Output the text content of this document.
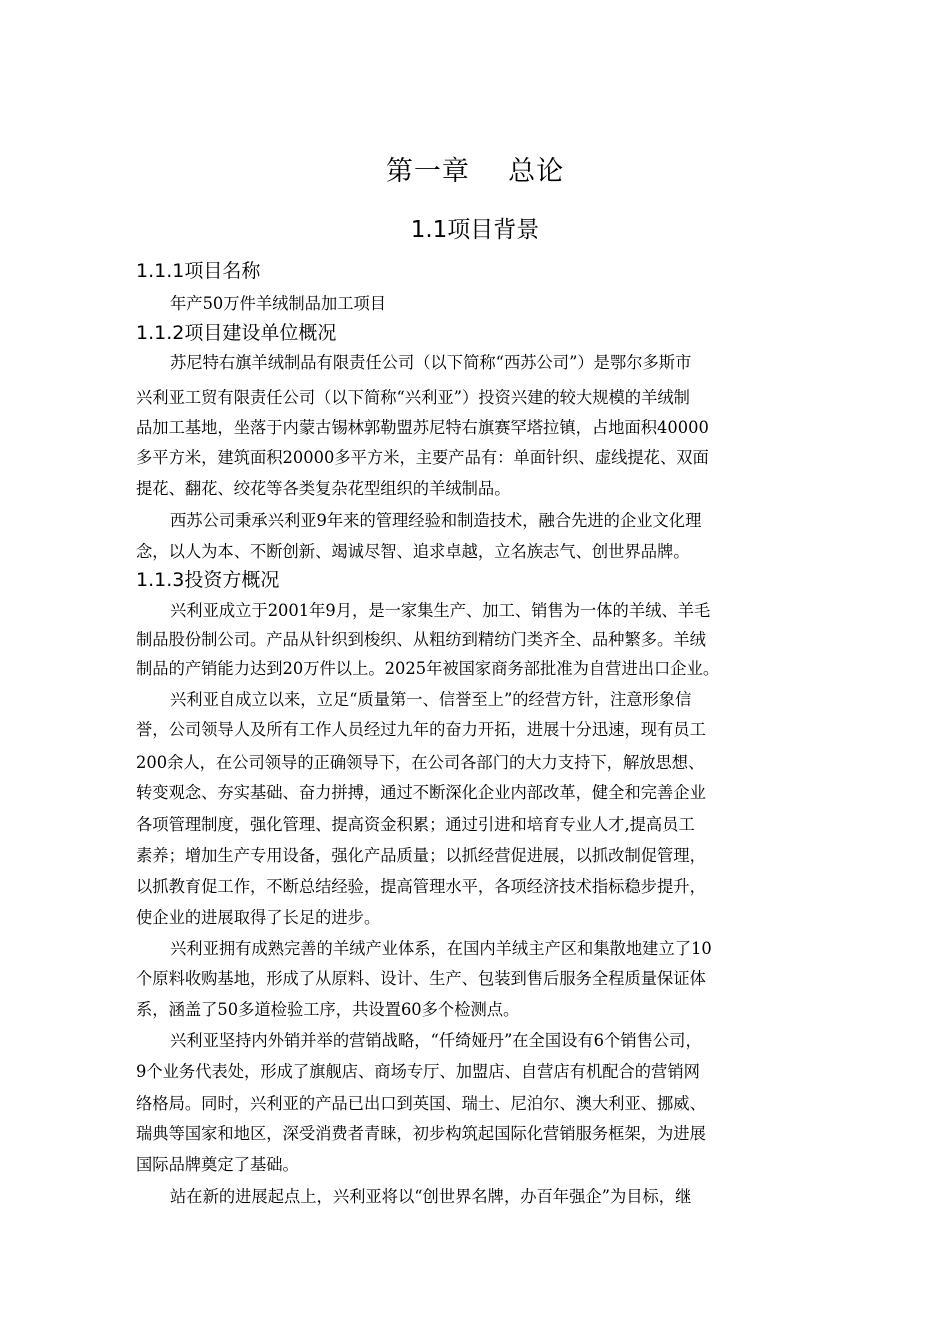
第一章    总论
1.1项目背景
1.1.1项目名称
年产50万件羊绒制品加工项目
1.1.2项目建设单位概况
苏尼特右旗羊绒制品有限责任公司（以下简称“西苏公司”）是鄂尔多斯市
兴利亚工贸有限责任公司（以下简称“兴利亚”）投资兴建的较大规模的羊绒制
品加工基地，坐落于内蒙古锡林郭勒盟苏尼特右旗赛罕塔拉镇，占地面积40000
多平方米，建筑面积20000多平方米，主要产品有：单面针织、虚线提花、双面
提花、翻花、绞花等各类复杂花型组织的羊绒制品。
西苏公司秉承兴利亚9年来的管理经验和制造技术，融合先进的企业文化理
念，以人为本、不断创新、竭诚尽智、追求卓越，立名族志气、创世界品牌。
1.1.3投资方概况
兴利亚成立于2001年9月，是一家集生产、加工、销售为一体的羊绒、羊毛
制品股份制公司。产品从针织到梭织、从粗纺到精纺门类齐全、品种繁多。羊绒
制品的产销能力达到20万件以上。2025年被国家商务部批准为自营进出口企业。
兴利亚自成立以来，立足“质量第一、信誉至上”的经营方针，注意形象信
誉，公司领导人及所有工作人员经过九年的奋力开拓，进展十分迅速，现有员工
200余人，在公司领导的正确领导下，在公司各部门的大力支持下，解放思想、
转变观念、夯实基础、奋力拼搏，通过不断深化企业内部改革，健全和完善企业
各项管理制度，强化管理、提高资金积累；通过引进和培育专业人才,提高员工
素养；增加生产专用设备，强化产品质量；以抓经营促进展，以抓改制促管理，
以抓教育促工作，不断总结经验，提高管理水平，各项经济技术指标稳步提升，
使企业的进展取得了长足的进步。
兴利亚拥有成熟完善的羊绒产业体系，在国内羊绒主产区和集散地建立了10
个原料收购基地，形成了从原料、设计、生产、包装到售后服务全程质量保证体
系，涵盖了50多道检验工序，共设置60多个检测点。
兴利亚坚持内外销并举的营销战略，“仟绮娅丹”在全国设有6个销售公司，
9个业务代表处，形成了旗舰店、商场专厅、加盟店、自营店有机配合的营销网
络格局。同时，兴利亚的产品已出口到英国、瑞士、尼泊尔、澳大利亚、挪威、
瑞典等国家和地区，深受消费者青睐，初步构筑起国际化营销服务框架，为进展
国际品牌奠定了基础。
站在新的进展起点上，兴利亚将以“创世界名牌，办百年强企”为目标，继
